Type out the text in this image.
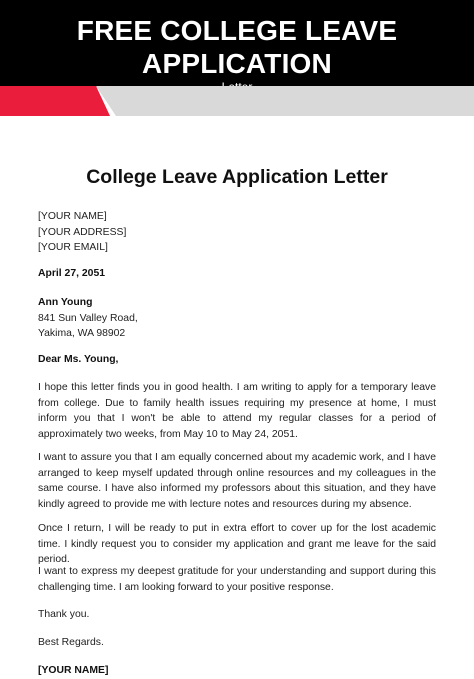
FREE COLLEGE LEAVE
APPLICATION
College Leave Application Letter
[YOUR NAME]
[YOUR ADDRESS]
[YOUR EMAIL]
April 27, 2051
Ann Young
841 Sun Valley Road,
Yakima, WA 98902
Dear Ms. Young,
I hope this letter finds you in good health. I am writing to apply for a temporary leave from college. Due to family health issues requiring my presence at home, I must inform you that I won't be able to attend my regular classes for a period of approximately two weeks, from May 10 to May 24, 2051.
I want to assure you that I am equally concerned about my academic work, and I have arranged to keep myself updated through online resources and my colleagues in the same course. I have also informed my professors about this situation, and they have kindly agreed to provide me with lecture notes and resources during my absence.
Once I return, I will be ready to put in extra effort to cover up for the lost academic time. I kindly request you to consider my application and grant me leave for the said period.
I want to express my deepest gratitude for your understanding and support during this challenging time. I am looking forward to your positive response.
Thank you.
Best Regards.
[YOUR NAME]
